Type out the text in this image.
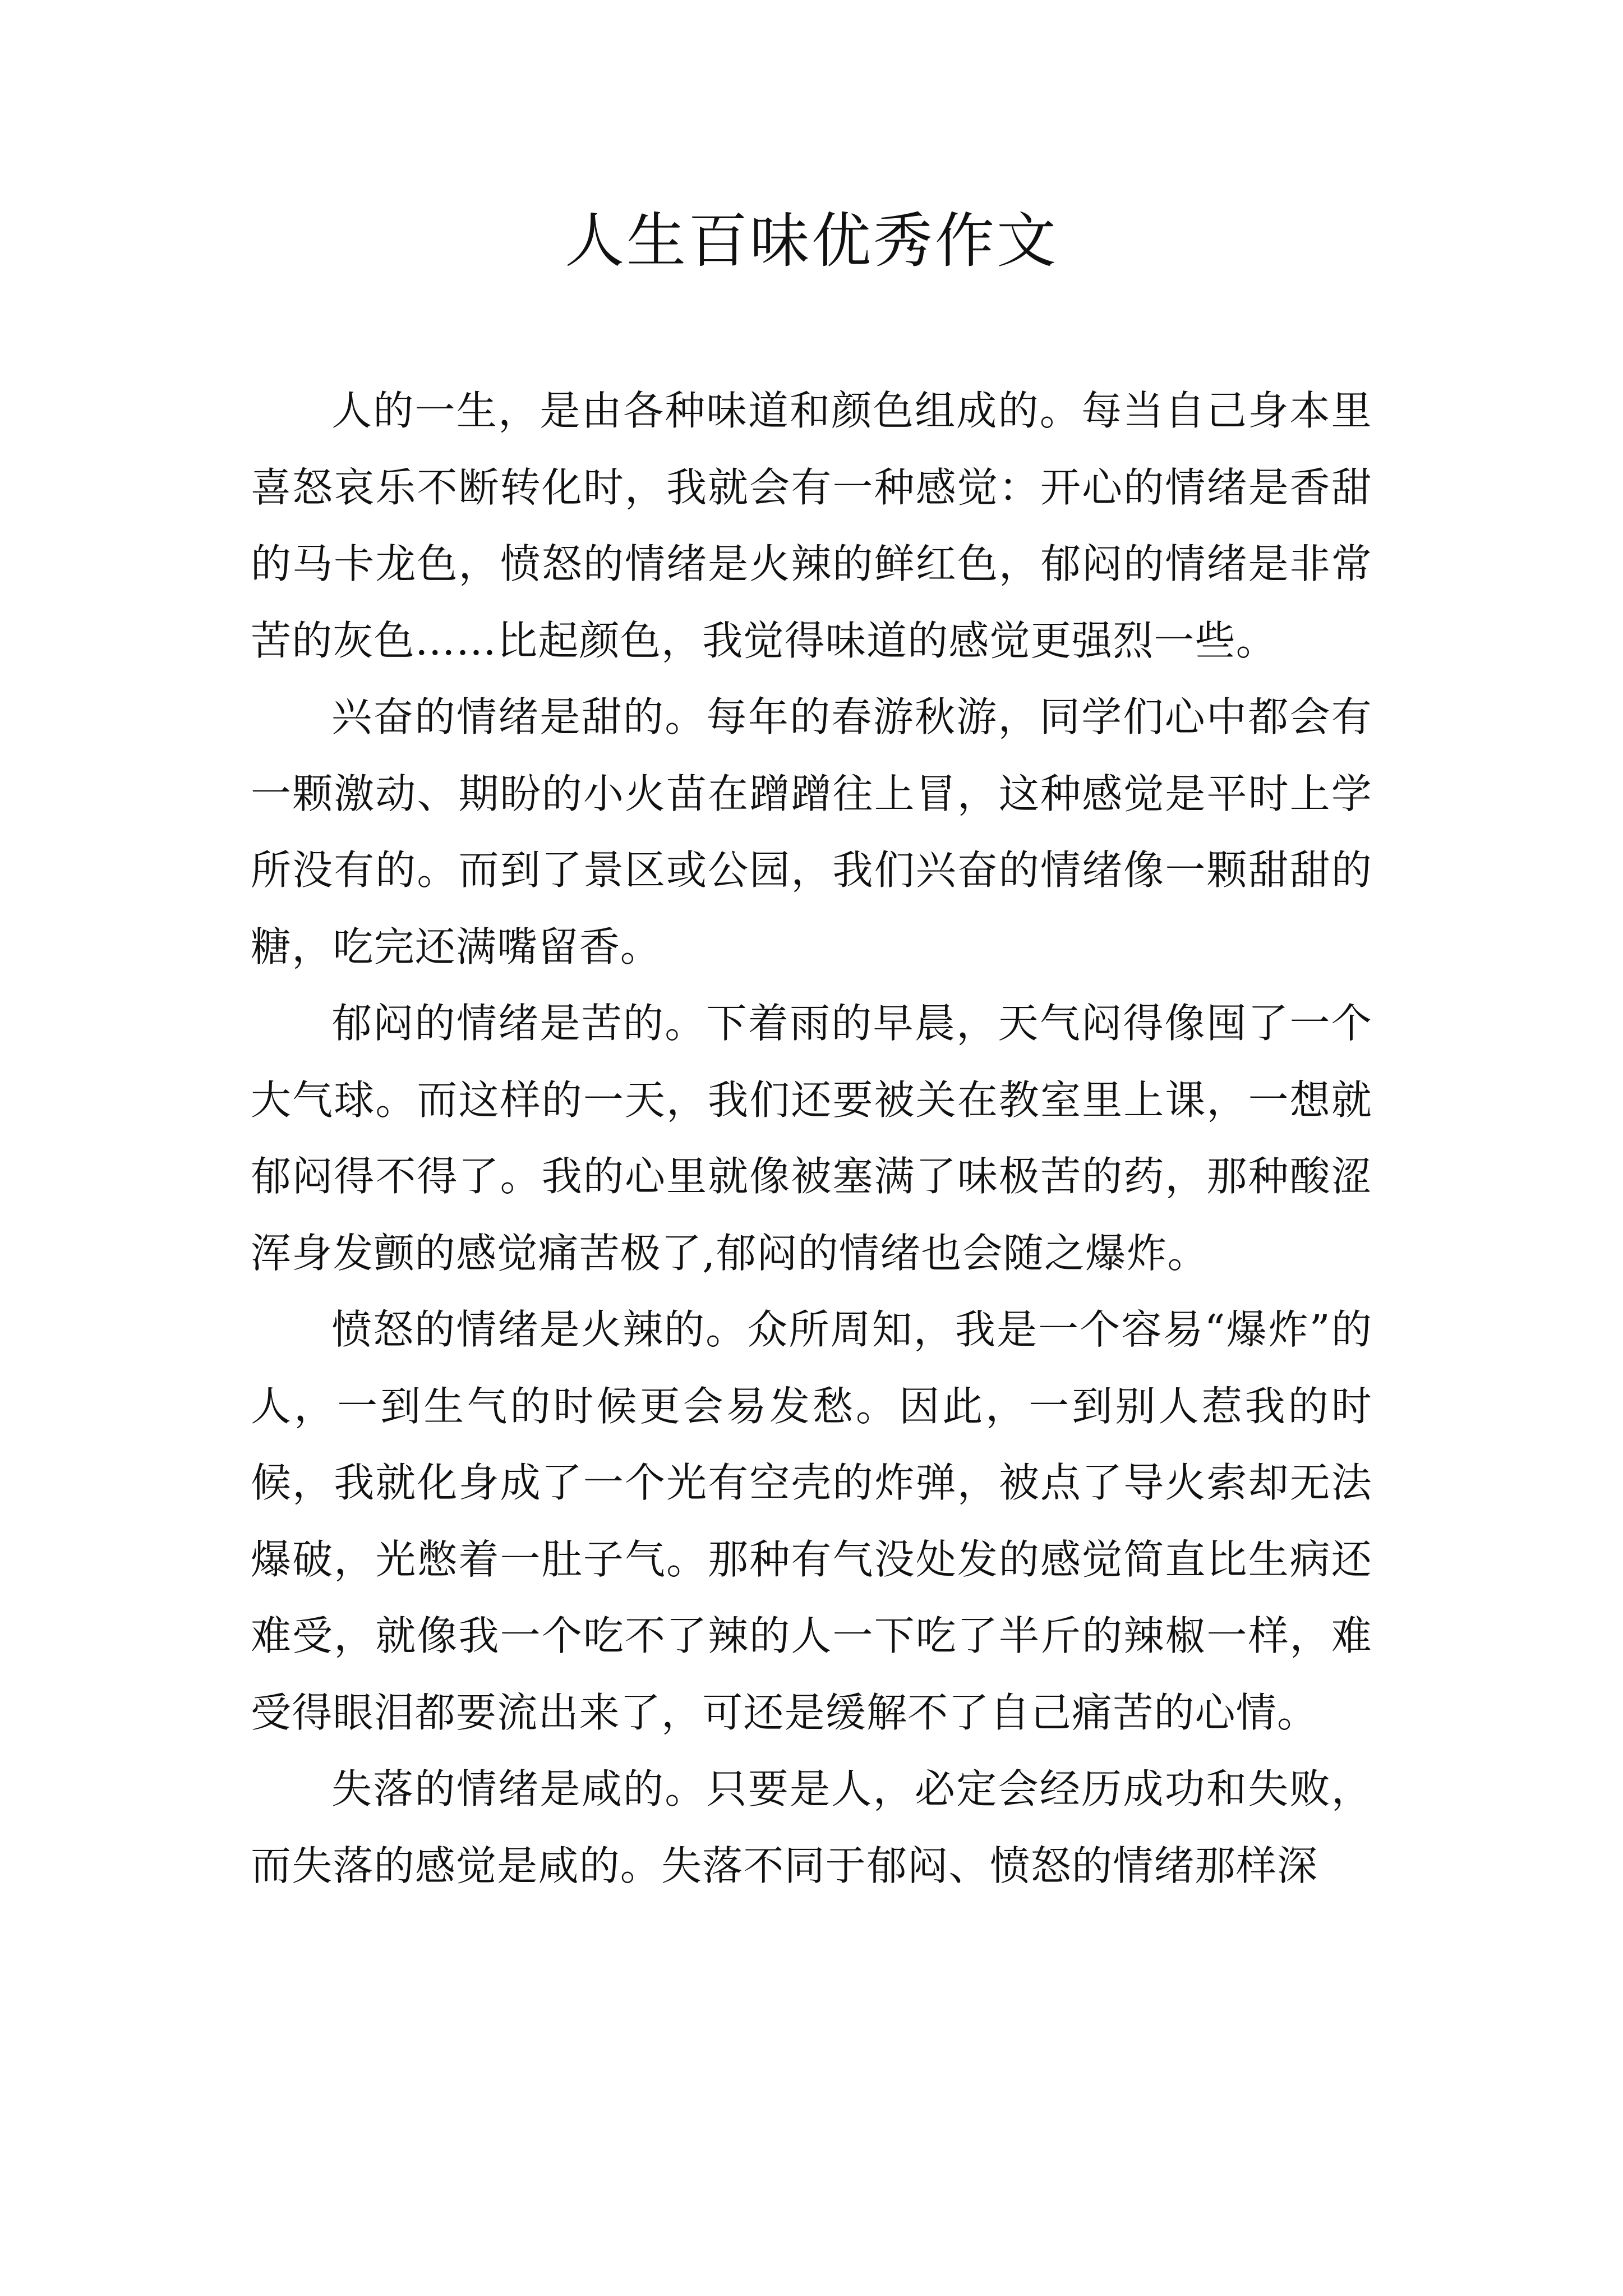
人生百味优秀作文

人的一生，是由各种味道和颜色组成的。每当自己身本里喜怒哀乐不断转化时，我就会有一种感觉：开心的情绪是香甜的马卡龙色，愤怒的情绪是火辣的鲜红色，郁闷的情绪是非常苦的灰色……比起颜色，我觉得味道的感觉更强烈一些。

兴奋的情绪是甜的。每年的春游秋游，同学们心中都会有一颗激动、期盼的小火苗在蹭蹭往上冒，这种感觉是平时上学所没有的。而到了景区或公园，我们兴奋的情绪像一颗甜甜的糖，吃完还满嘴留香。

郁闷的情绪是苦的。下着雨的早晨，天气闷得像囤了一个大气球。而这样的一天，我们还要被关在教室里上课，一想就郁闷得不得了。我的心里就像被塞满了味极苦的药，那种酸涩浑身发颤的感觉痛苦极了,郁闷的情绪也会随之爆炸。

愤怒的情绪是火辣的。众所周知，我是一个容易“爆炸”的人，一到生气的时候更会易发愁。因此，一到别人惹我的时候，我就化身成了一个光有空壳的炸弹，被点了导火索却无法爆破，光憋着一肚子气。那种有气没处发的感觉简直比生病还难受，就像我一个吃不了辣的人一下吃了半斤的辣椒一样，难受得眼泪都要流出来了，可还是缓解不了自己痛苦的心情。

失落的情绪是咸的。只要是人，必定会经历成功和失败，而失落的感觉是咸的。失落不同于郁闷、愤怒的情绪那样深
